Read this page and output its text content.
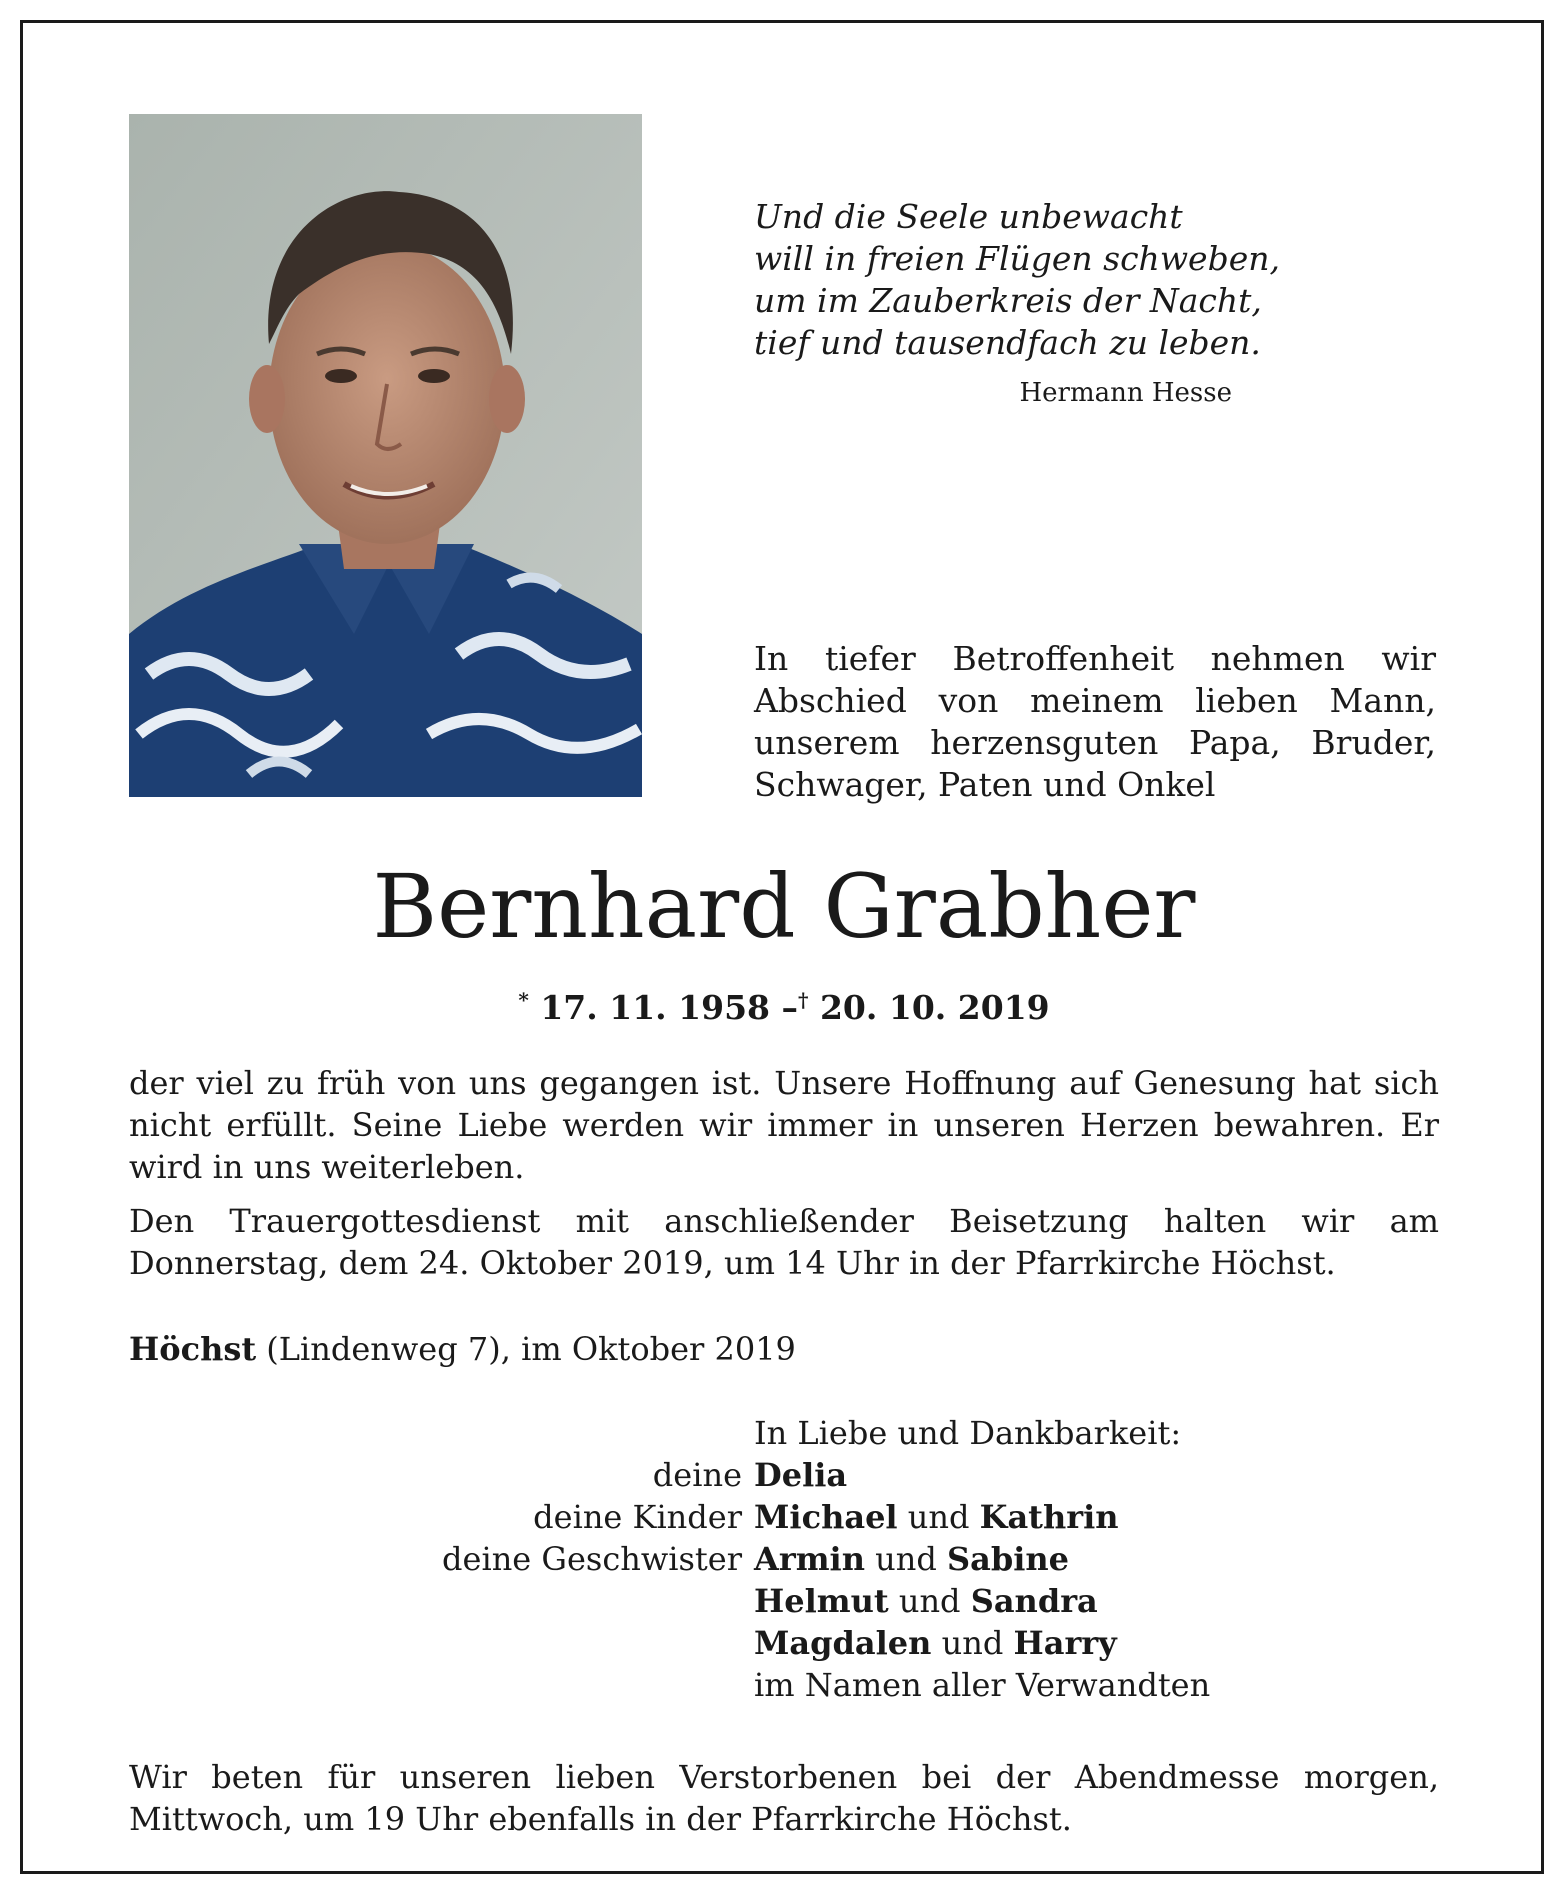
Und die Seele unbewacht
will in freien Flügen schweben,
um im Zauberkreis der Nacht,
tief und tausendfach zu leben.
Hermann Hesse
In tiefer Betroffenheit nehmen wir Abschied von meinem lieben Mann, unserem herzensguten Papa, Bruder, Schwager, Paten und Onkel
Bernhard Grabher
* 17. 11. 1958 –† 20. 10. 2019
der viel zu früh von uns gegangen ist. Unsere Hoffnung auf Genesung hat sich nicht erfüllt. Seine Liebe werden wir immer in unseren Herzen bewahren. Er wird in uns weiterleben.
Den Trauergottesdienst mit anschließender Beisetzung halten wir am Donnerstag, dem 24. Oktober 2019, um 14 Uhr in der Pfarrkirche Höchst.
Höchst (Lindenweg 7), im Oktober 2019
In Liebe und Dankbarkeit:
deine Delia
deine Kinder Michael und Kathrin
deine Geschwister Armin und Sabine
Helmut und Sandra
Magdalen und Harry
im Namen aller Verwandten
Wir beten für unseren lieben Verstorbenen bei der Abendmesse morgen, Mittwoch, um 19 Uhr ebenfalls in der Pfarrkirche Höchst.
